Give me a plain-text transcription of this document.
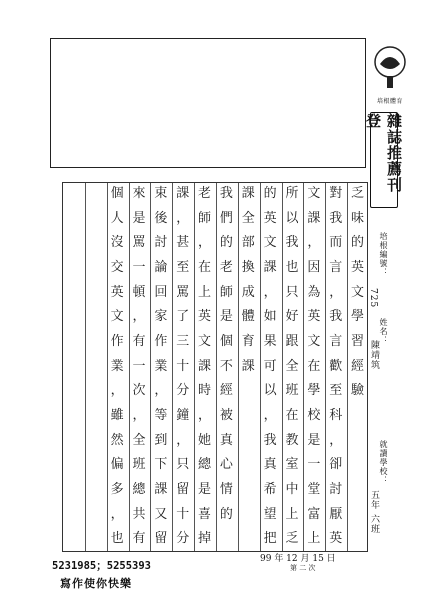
培根體育
雜誌推薦刊登
培根編號：
725
姓名：
陳靖筑
就讀學校：
五年 六班
乏
味
的
英
文
學
習
經
驗
對
我
而
言
，
我
言
歡
至
科
，
卻
討
厭
英
文
課
，
因
為
英
文
在
學
校
是
一
堂
富
上
所
以
我
也
只
好
跟
全
班
在
教
室
中
上
乏
的
英
文
課
，
如
果
可
以
，
我
真
希
望
把
課
全
部
換
成
體
育
課
我
們
的
老
師
是
個
不
經
被
真
心
情
的
老
師
，
在
上
英
文
課
時
，
她
總
是
喜
掉
課
，
甚
至
罵
了
三
十
分
鐘
，
只
留
十
分
束
後
討
論
回
家
作
業
，
等
到
下
課
又
留
來
是
罵
一
頓
，
有
一
次
，
全
班
總
共
有
個
人
沒
交
英
文
作
業
，
雖
然
偏
多
，
也
99 年 12 月 15 日
第 二 次
5231985；5255393
寫作使你快樂
